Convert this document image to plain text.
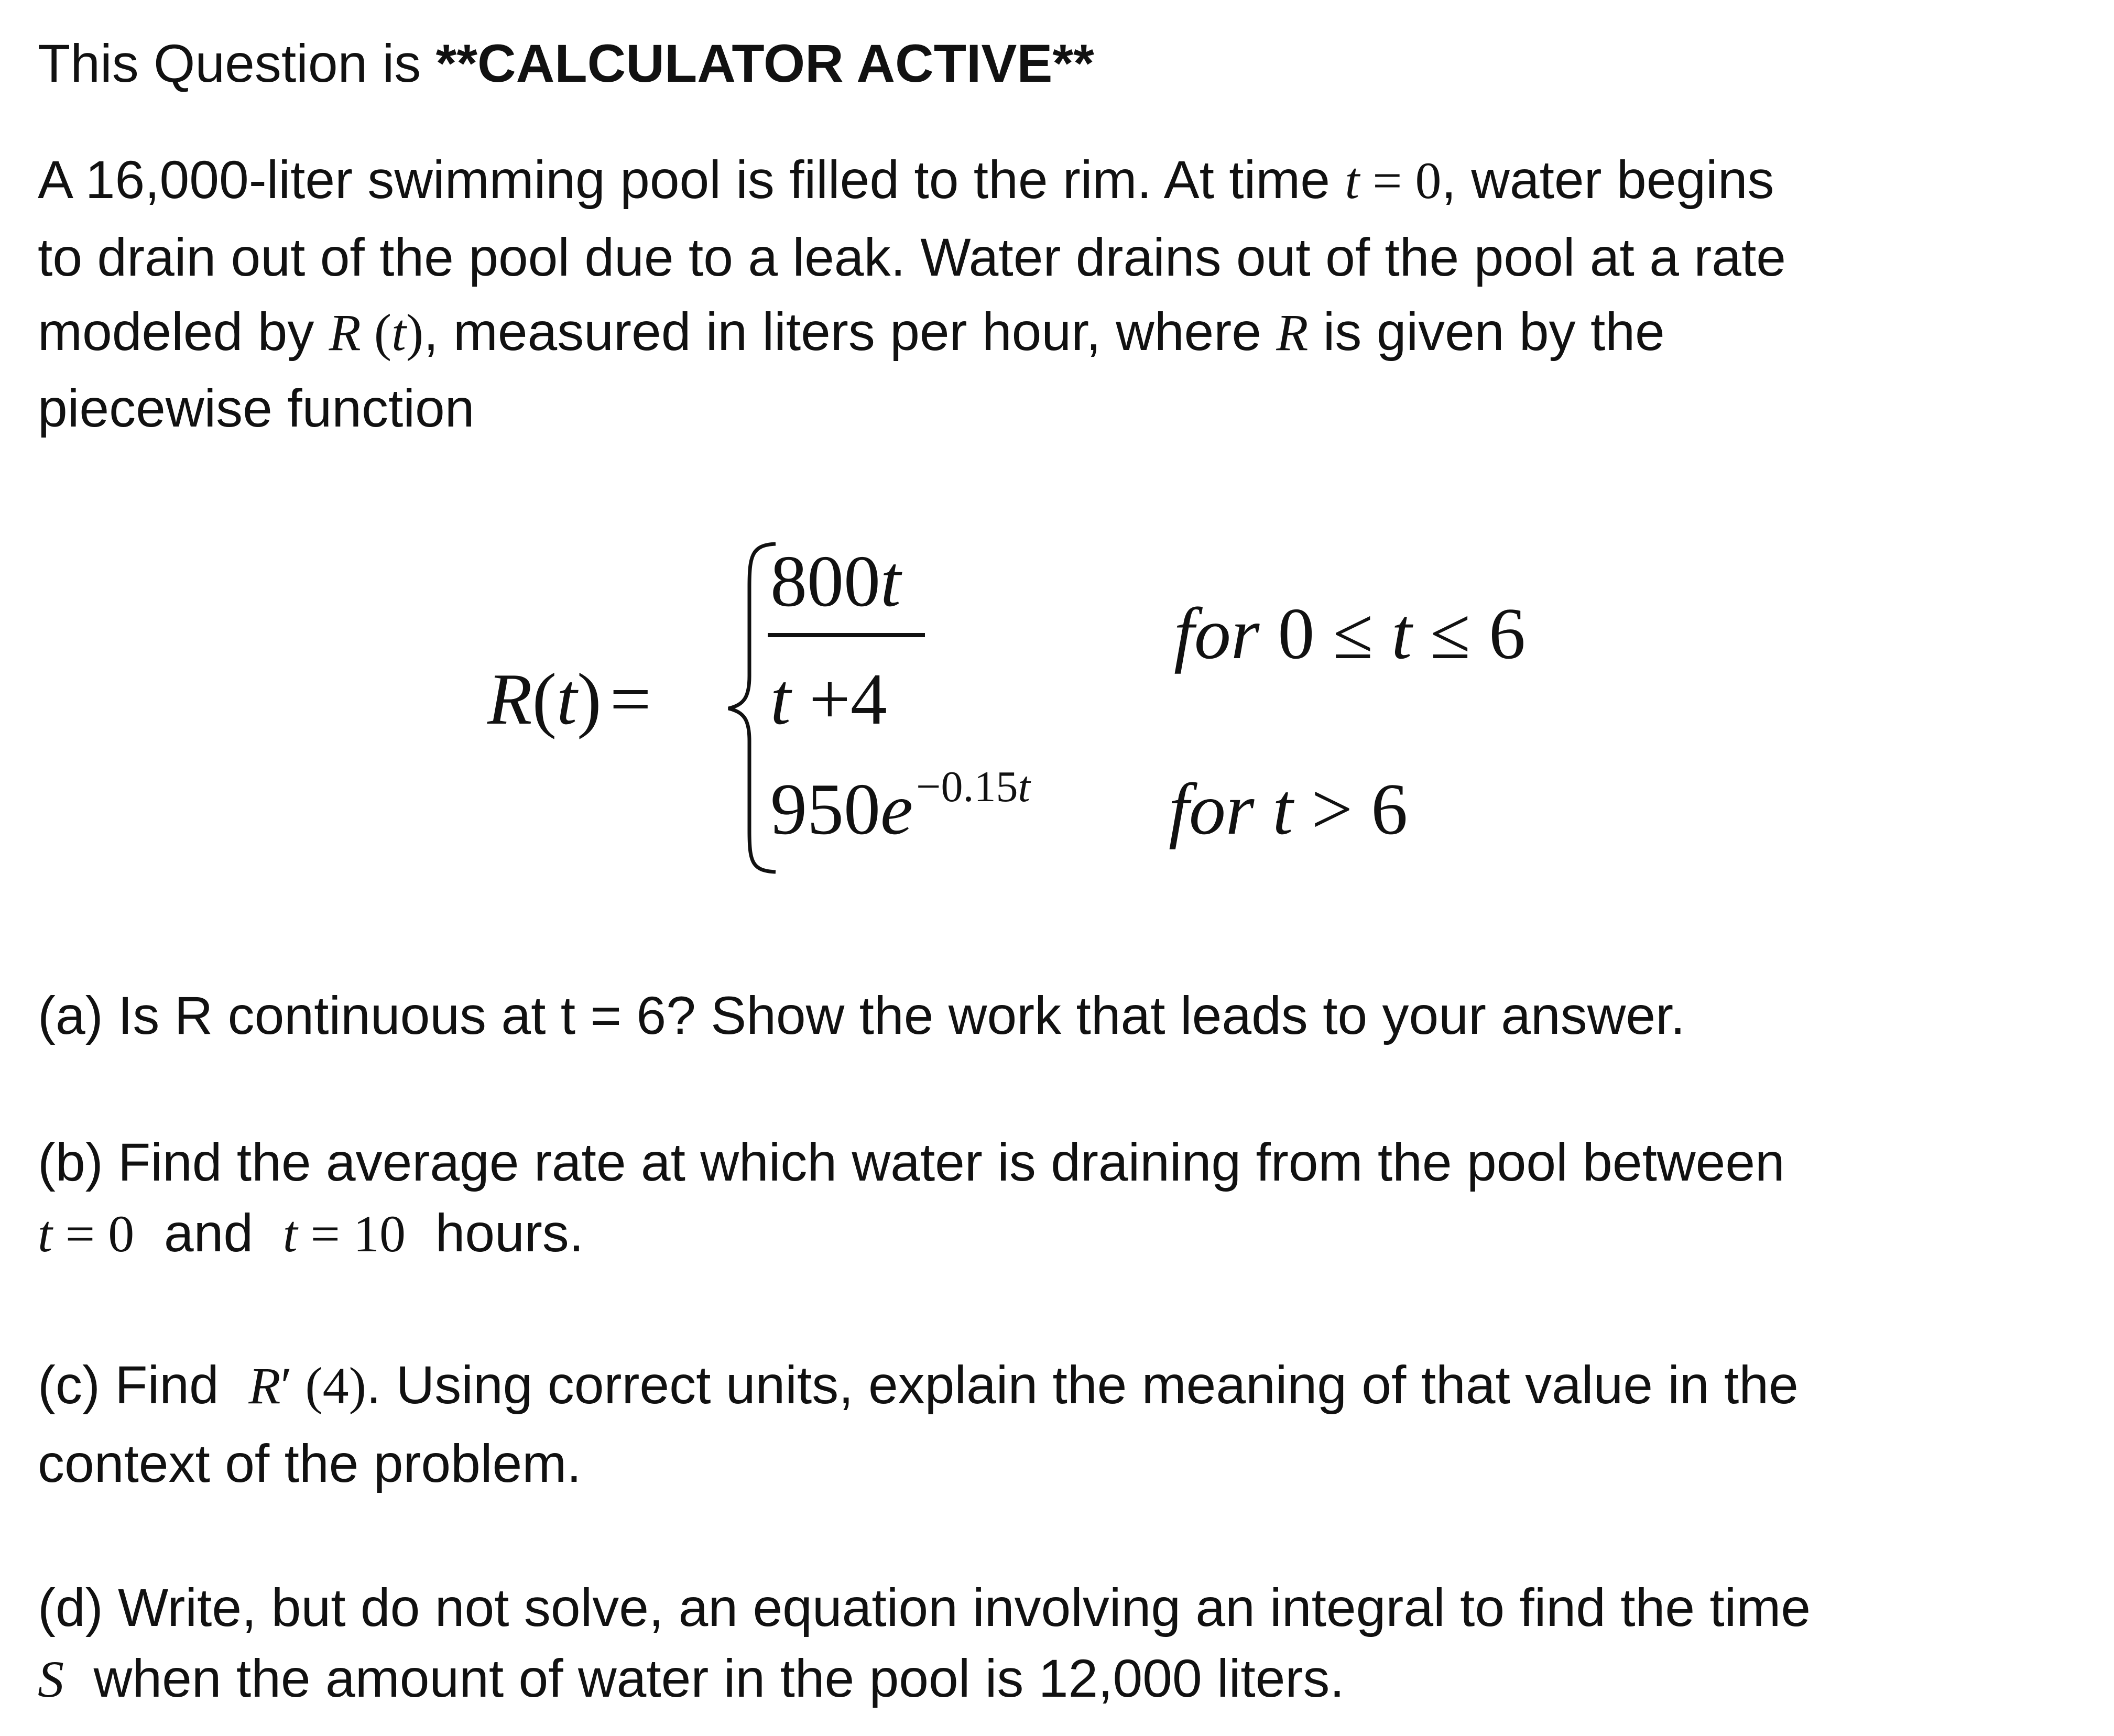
This Question is **CALCULATOR ACTIVE**
A 16,000-liter swimming pool is filled to the rim. At time t = 0, water begins
to drain out of the pool due to a leak. Water drains out of the pool at a rate
modeled by R (t), measured in liters per hour, where R is given by the
piecewise function
R(t) =
800t
t +4
for 0 ≤ t ≤ 6
$950e^{-0.15t}$ for t > 6
(a) Is R continuous at t = 6? Show the work that leads to your answer.
(b) Find the average rate at which water is draining from the pool between
t = 0  and  t = 10  hours.
(c) Find  R′ (4). Using correct units, explain the meaning of that value in the
context of the problem.
(d) Write, but do not solve, an equation involving an integral to find the time
S  when the amount of water in the pool is 12,000 liters.
